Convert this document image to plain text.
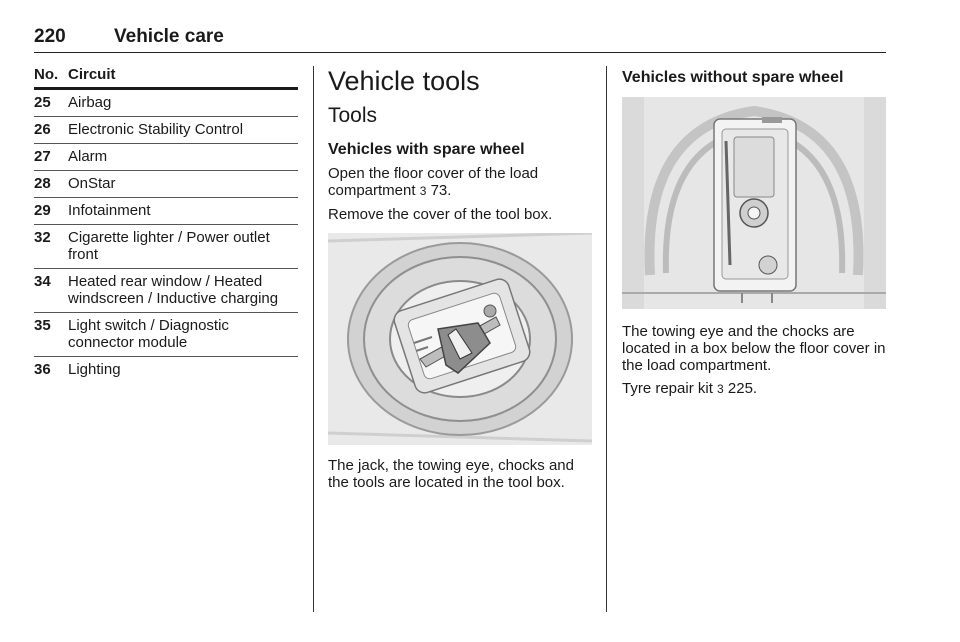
220	Vehicle care
No. Circuit
25	Airbag
26	Electronic Stability Control
27	Alarm
28	OnStar
29	Infotainment
32	Cigarette lighter / Power outlet front
34	Heated rear window / Heated windscreen / Inductive charging
35	Light switch / Diagnostic connector module
36	Lighting
Vehicle tools
Tools
Vehicles with spare wheel

Open the floor cover of the load compartment 3 73.

Remove the cover of the tool box.

The jack, the towing eye, chocks and the tools are located in the tool box.

Vehicles without spare wheel

The towing eye and the chocks are located in a box below the floor cover in the load compartment.

Tyre repair kit 3 225.
